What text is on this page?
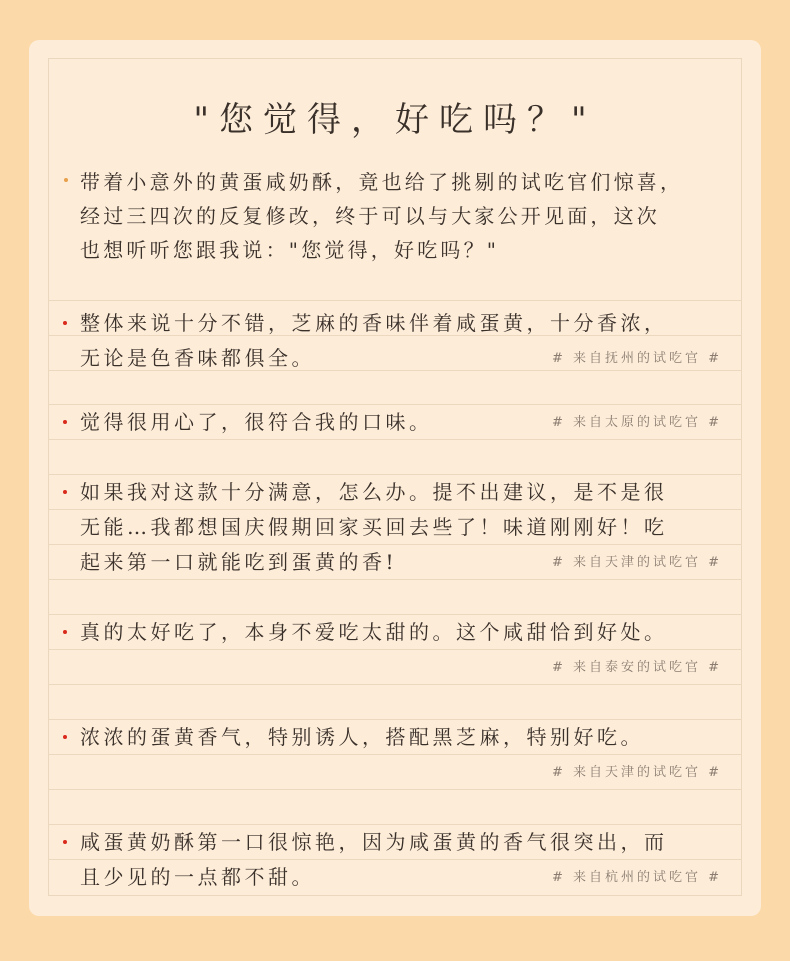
"您觉得，好吃吗？"
带着小意外的黄蛋咸奶酥，竟也给了挑剔的试吃官们惊喜，
经过三四次的反复修改，终于可以与大家公开见面，这次
也想听听您跟我说："您觉得，好吃吗？"
整体来说十分不错，芝麻的香味伴着咸蛋黄，十分香浓，
无论是色香味都俱全。	# 来自抚州的试吃官 #
觉得很用心了，很符合我的口味。	# 来自太原的试吃官 #
如果我对这款十分满意，怎么办。提不出建议，是不是很
无能…我都想国庆假期回家买回去些了！味道刚刚好！吃
起来第一口就能吃到蛋黄的香!	# 来自天津的试吃官 #
真的太好吃了，本身不爱吃太甜的。这个咸甜恰到好处。
# 来自泰安的试吃官 #
浓浓的蛋黄香气，特别诱人，搭配黑芝麻，特别好吃。
# 来自天津的试吃官 #
咸蛋黄奶酥第一口很惊艳，因为咸蛋黄的香气很突出，而
且少见的一点都不甜。	# 来自杭州的试吃官 #
